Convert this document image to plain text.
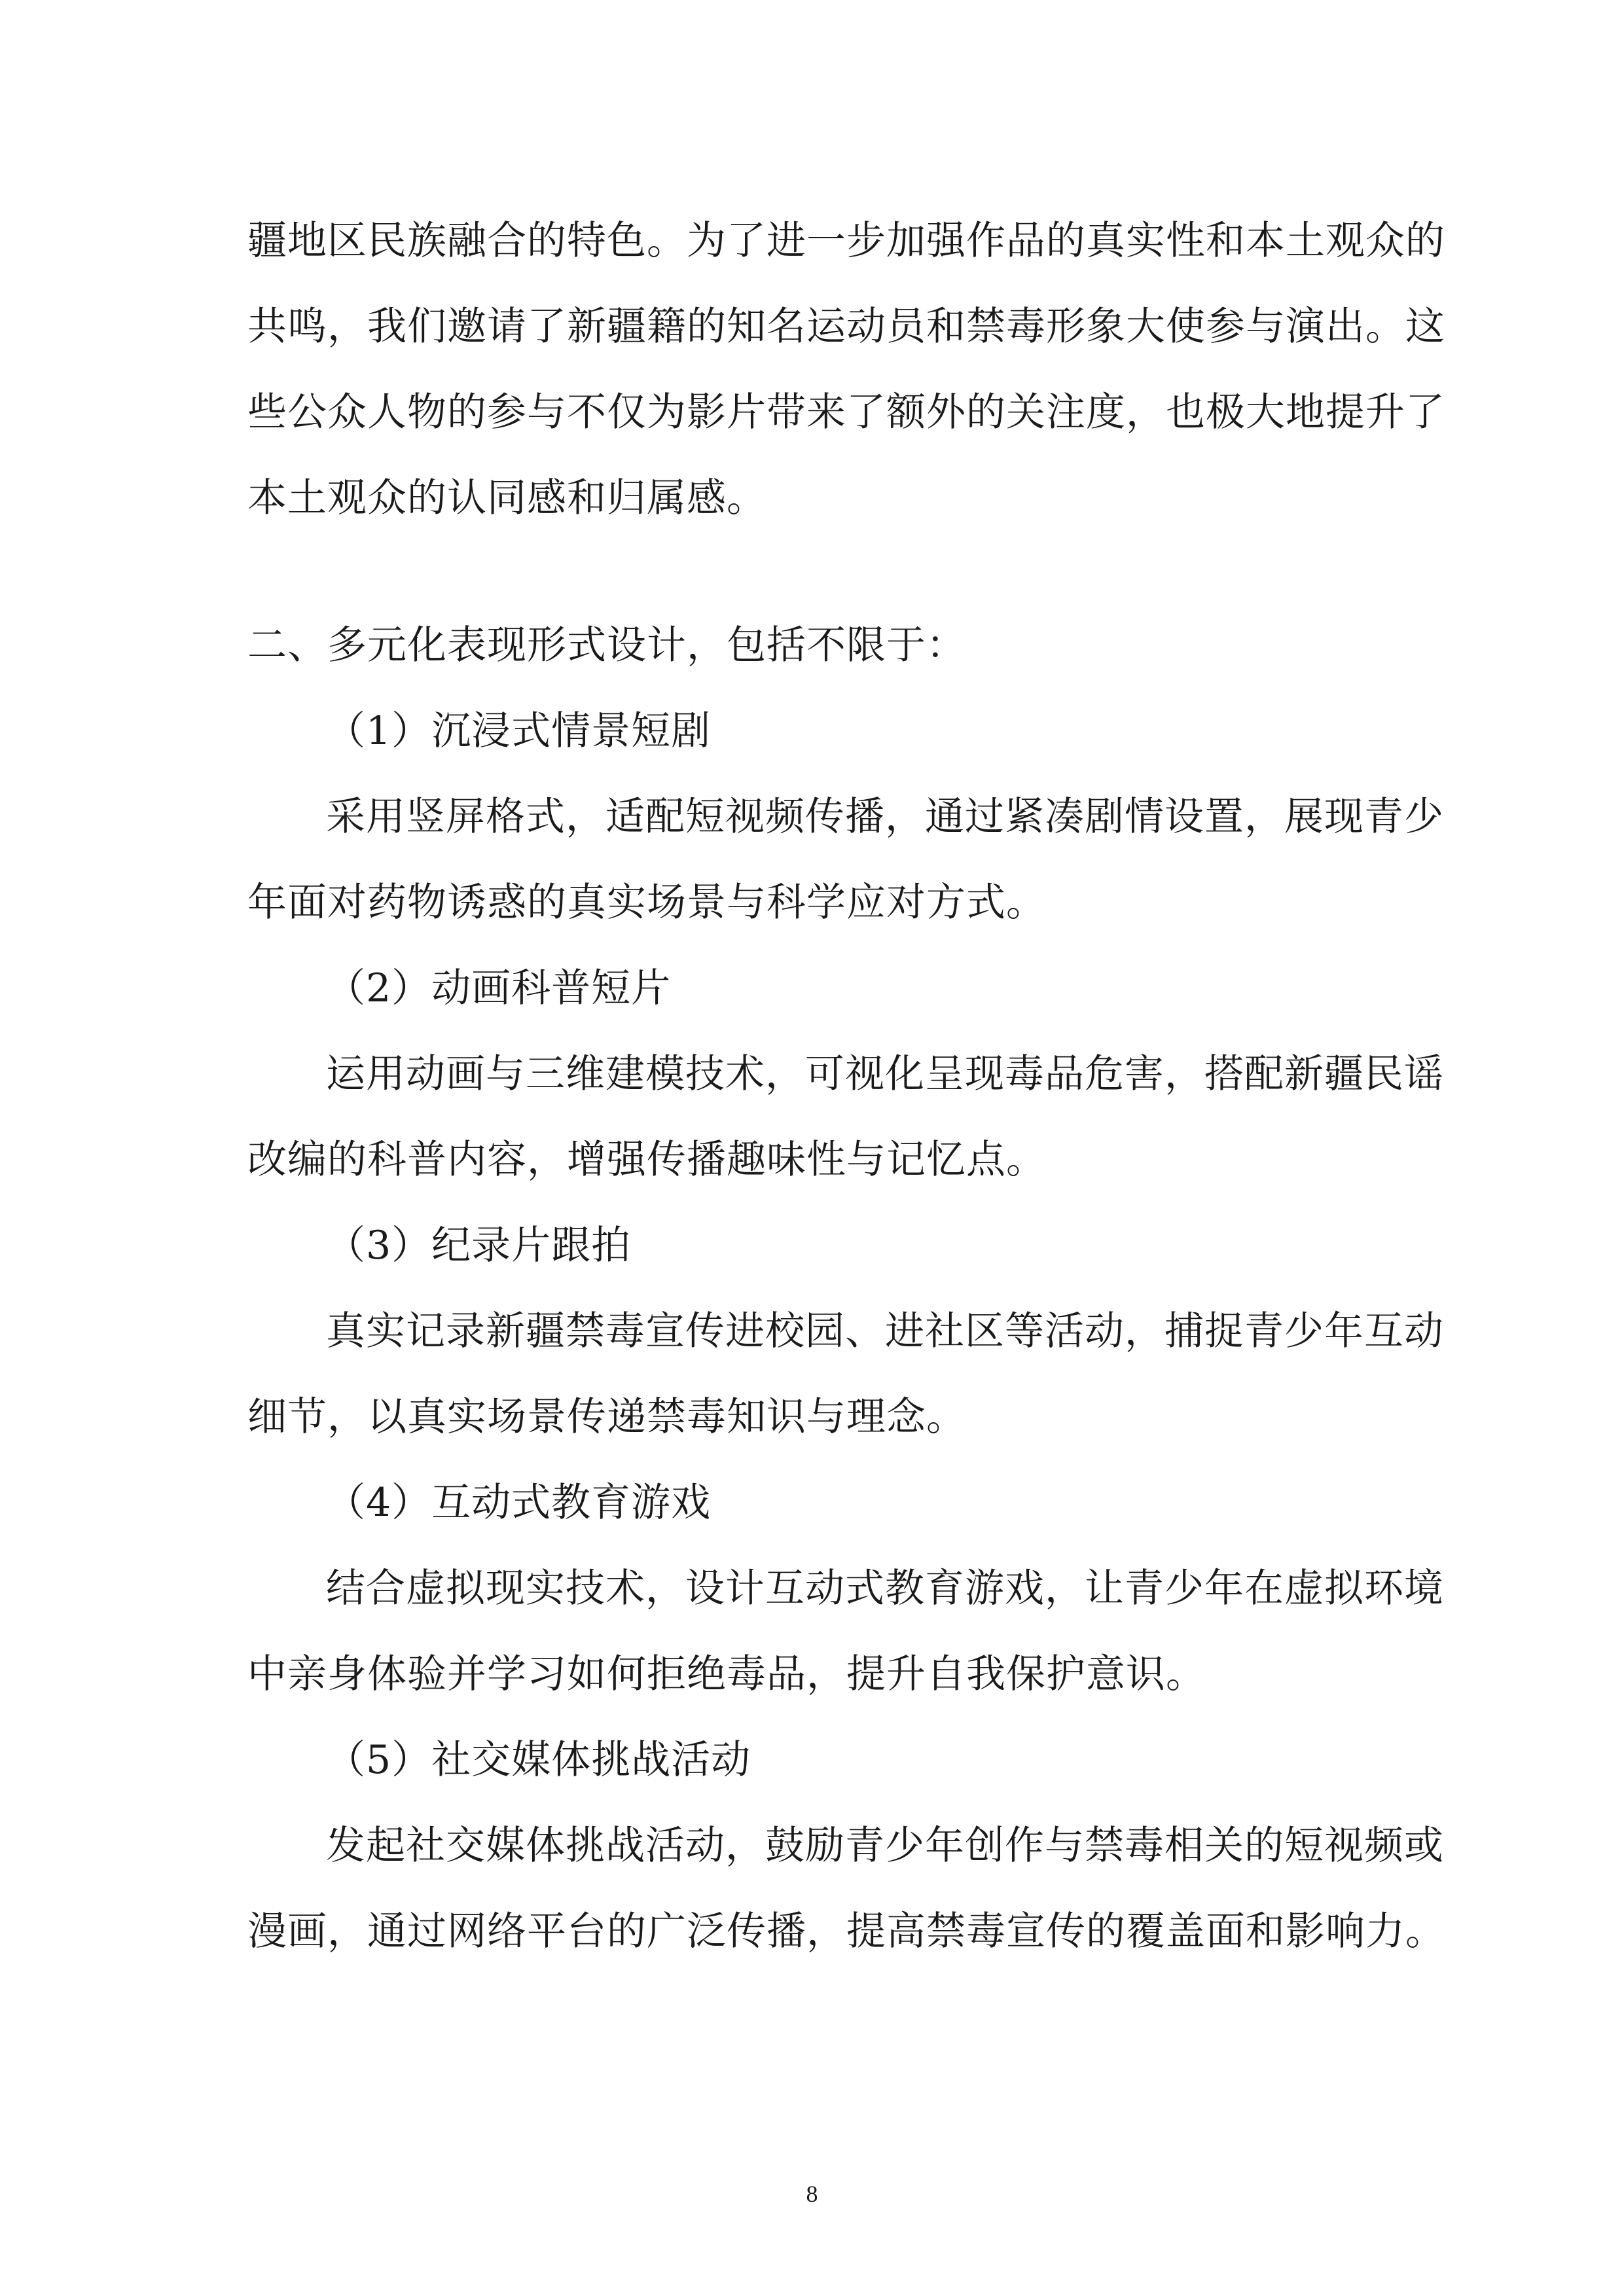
疆地区民族融合的特色。为了进一步加强作品的真实性和本土观众的
共鸣，我们邀请了新疆籍的知名运动员和禁毒形象大使参与演出。这
些公众人物的参与不仅为影片带来了额外的关注度，也极大地提升了
本土观众的认同感和归属感。
二、多元化表现形式设计，包括不限于：
（1）沉浸式情景短剧
采用竖屏格式，适配短视频传播，通过紧凑剧情设置，展现青少
年面对药物诱惑的真实场景与科学应对方式。
（2）动画科普短片
运用动画与三维建模技术，可视化呈现毒品危害，搭配新疆民谣
改编的科普内容，增强传播趣味性与记忆点。
（3）纪录片跟拍
真实记录新疆禁毒宣传进校园、进社区等活动，捕捉青少年互动
细节，以真实场景传递禁毒知识与理念。
（4）互动式教育游戏
结合虚拟现实技术，设计互动式教育游戏，让青少年在虚拟环境
中亲身体验并学习如何拒绝毒品，提升自我保护意识。
（5）社交媒体挑战活动
发起社交媒体挑战活动，鼓励青少年创作与禁毒相关的短视频或
漫画，通过网络平台的广泛传播，提高禁毒宣传的覆盖面和影响力。
8
